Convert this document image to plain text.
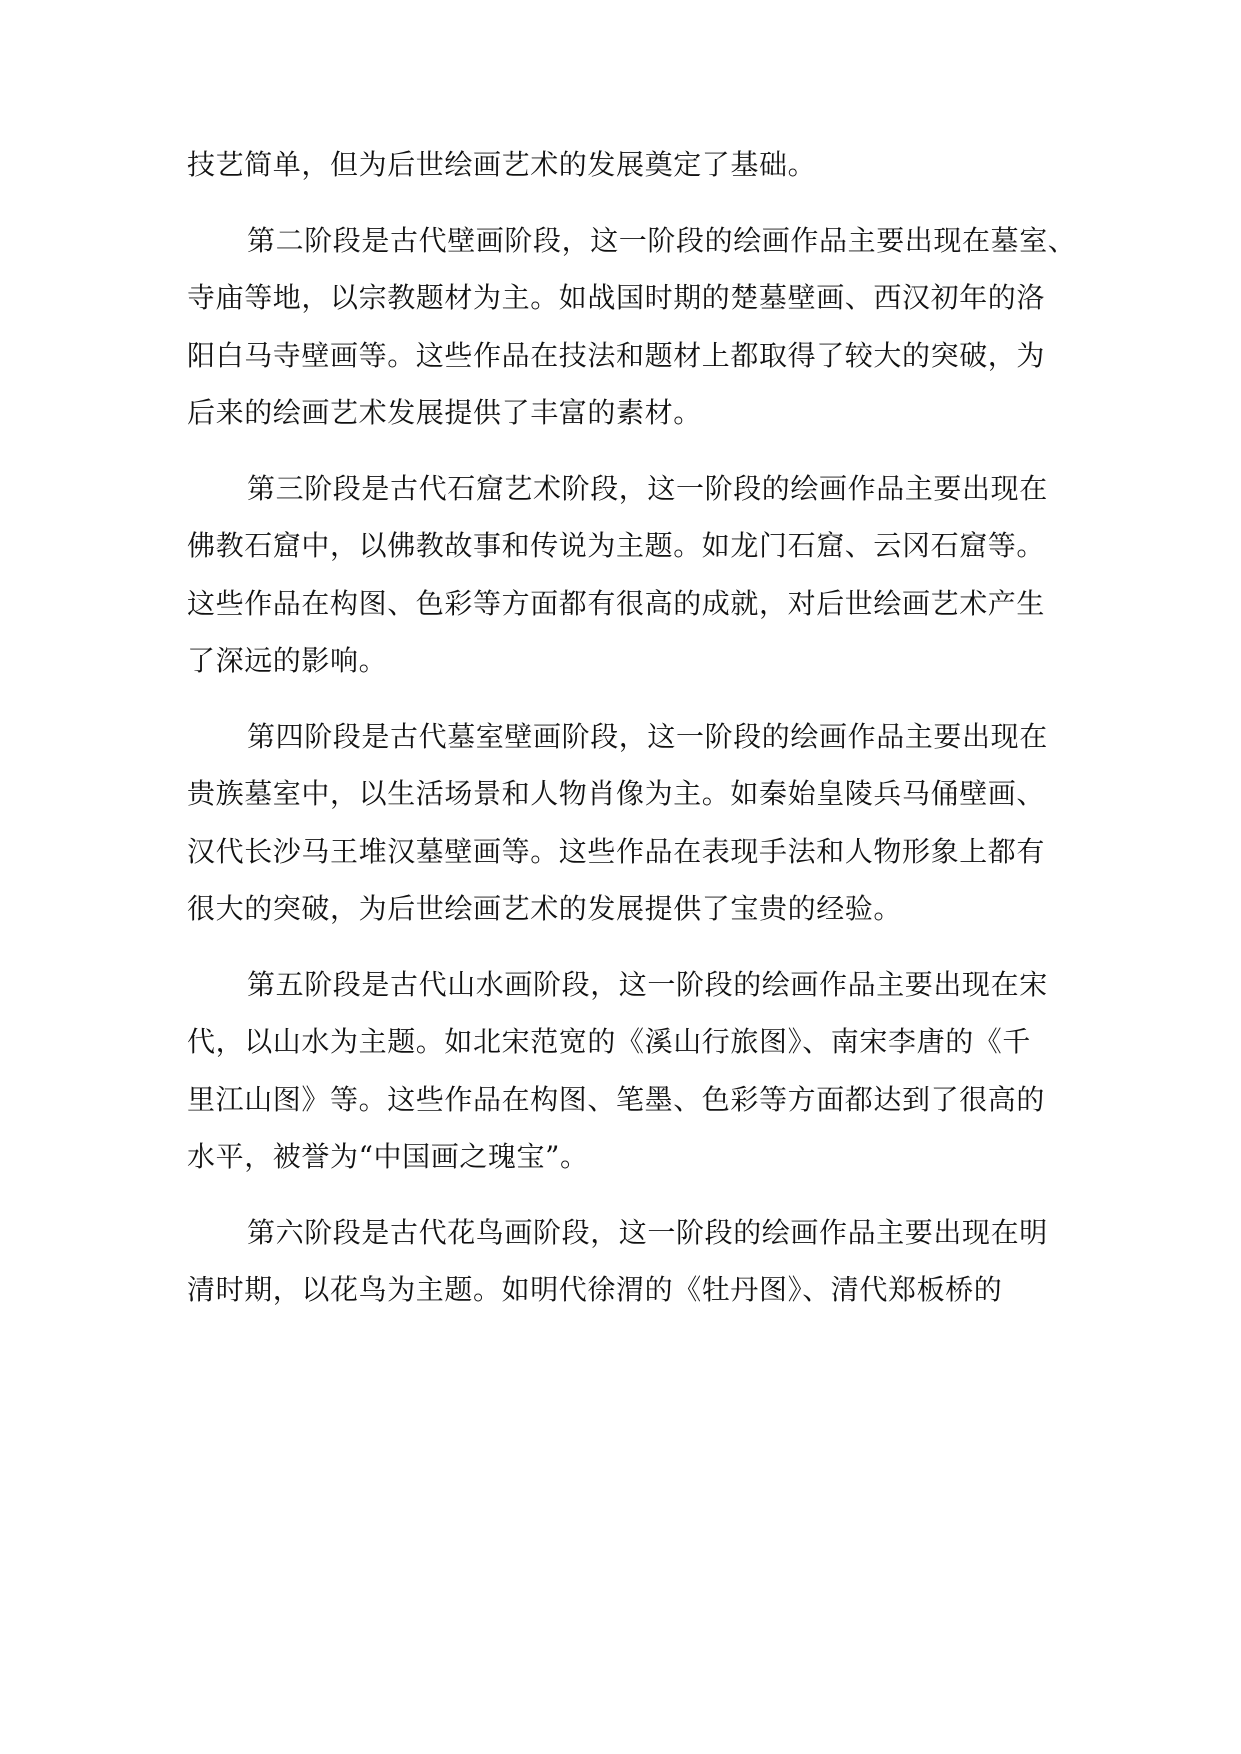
技艺简单，但为后世绘画艺术的发展奠定了基础。
第二阶段是古代壁画阶段，这一阶段的绘画作品主要出现在墓室、
寺庙等地，以宗教题材为主。如战国时期的楚墓壁画、西汉初年的洛
阳白马寺壁画等。这些作品在技法和题材上都取得了较大的突破，为
后来的绘画艺术发展提供了丰富的素材。
第三阶段是古代石窟艺术阶段，这一阶段的绘画作品主要出现在
佛教石窟中，以佛教故事和传说为主题。如龙门石窟、云冈石窟等。
这些作品在构图、色彩等方面都有很高的成就，对后世绘画艺术产生
了深远的影响。
第四阶段是古代墓室壁画阶段，这一阶段的绘画作品主要出现在
贵族墓室中，以生活场景和人物肖像为主。如秦始皇陵兵马俑壁画、
汉代长沙马王堆汉墓壁画等。这些作品在表现手法和人物形象上都有
很大的突破，为后世绘画艺术的发展提供了宝贵的经验。
第五阶段是古代山水画阶段，这一阶段的绘画作品主要出现在宋
代，以山水为主题。如北宋范宽的《溪山行旅图》、南宋李唐的《千
里江山图》等。这些作品在构图、笔墨、色彩等方面都达到了很高的
水平，被誉为“中国画之瑰宝”。
第六阶段是古代花鸟画阶段，这一阶段的绘画作品主要出现在明
清时期，以花鸟为主题。如明代徐渭的《牡丹图》、清代郑板桥的
